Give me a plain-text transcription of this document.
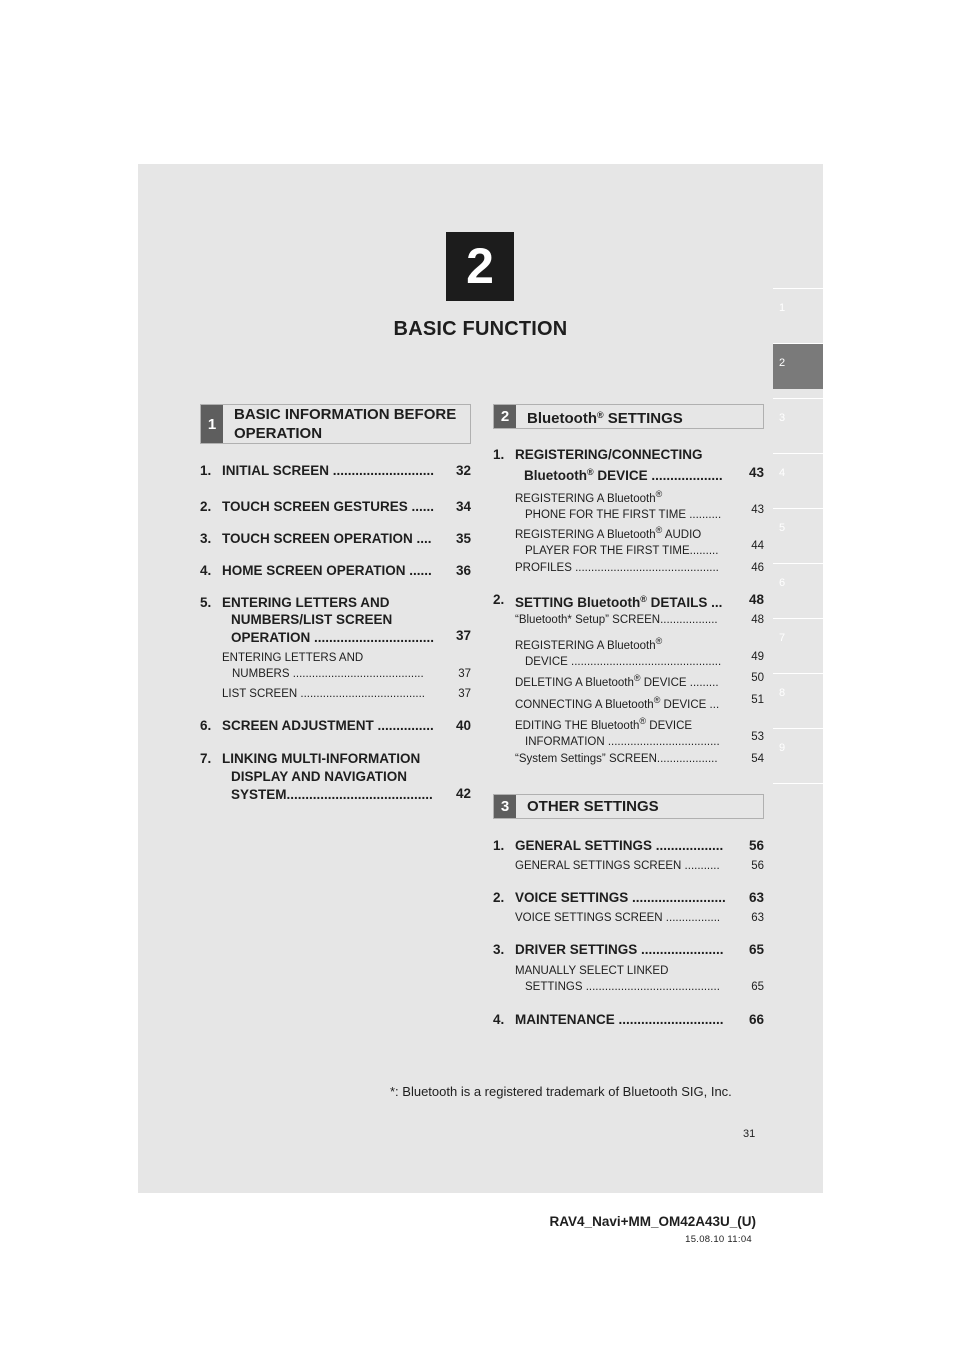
2
BASIC FUNCTION
1
2
3
4
5
6
7
8
9
1
BASIC INFORMATION BEFORE
OPERATION
1. INITIAL SCREEN ........................... 32
2. TOUCH SCREEN GESTURES ...... 34
3. TOUCH SCREEN OPERATION .... 35
4. HOME SCREEN OPERATION ...... 36
5. ENTERING LETTERS AND
NUMBERS/LIST SCREEN
OPERATION ................................ 37
ENTERING LETTERS AND
NUMBERS .........................................	37
LIST SCREEN .......................................	37
6. SCREEN ADJUSTMENT ............... 40
7. LINKING MULTI-INFORMATION
DISPLAY AND NAVIGATION
SYSTEM....................................... 42
2	Bluetooth® SETTINGS
1. REGISTERING/CONNECTING
Bluetooth® DEVICE ................... 43
REGISTERING A Bluetooth®
PHONE FOR THE FIRST TIME ..........	43
REGISTERING A Bluetooth® AUDIO
PLAYER FOR THE FIRST TIME.........	44
PROFILES .............................................	46
2. SETTING Bluetooth® DETAILS ... 48
“Bluetooth* Setup” SCREEN..................	48
REGISTERING A Bluetooth®
DEVICE ...............................................	49
DELETING A Bluetooth® DEVICE .........	50
CONNECTING A Bluetooth® DEVICE ...	51
EDITING THE Bluetooth® DEVICE
INFORMATION ...................................	53
“System Settings” SCREEN...................	54
3	OTHER SETTINGS
1. GENERAL SETTINGS .................. 56
GENERAL SETTINGS SCREEN ...........	56
2. VOICE SETTINGS ......................... 63
VOICE SETTINGS SCREEN .................	63
3. DRIVER SETTINGS ...................... 65
MANUALLY SELECT LINKED
SETTINGS ..........................................	65
4. MAINTENANCE ............................ 66
*: Bluetooth is a registered trademark of Bluetooth SIG, Inc.
31
RAV4_Navi+MM_OM42A43U_(U)
15.08.10 11:04
